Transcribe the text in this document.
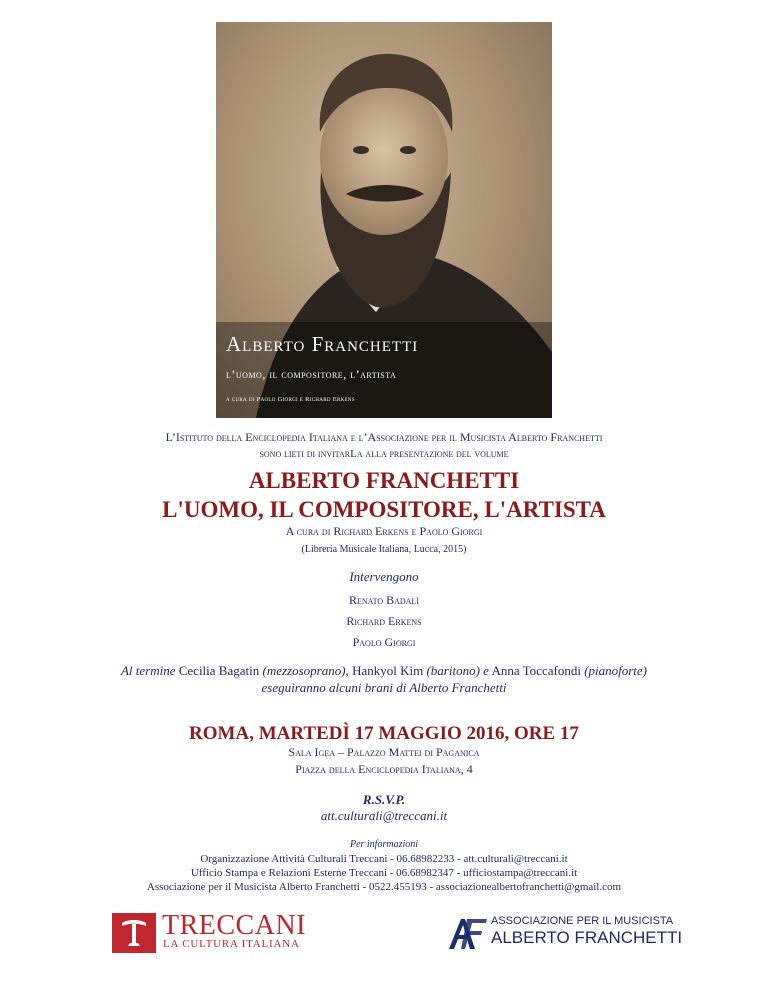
Alberto Franchetti
l’uomo, il compositore, l’artista
a cura di Paolo Giorgi e Richard Erkens
L’Istituto della Enciclopedia Italiana e l’Associazione per il Musicista Alberto Franchetti
sono lieti di invitarLa alla presentazione del volume
ALBERTO FRANCHETTI
L'UOMO, IL COMPOSITORE, L'ARTISTA
A cura di Richard Erkens e Paolo Giorgi
(Libreria Musicale Italiana, Lucca, 2015)
Intervengono
Renato Badalì
Richard Erkens
Paolo Giorgi
Al termine Cecilia Bagatin (mezzosoprano), Hankyol Kim (baritono) e Anna Toccafondi (pianoforte)
eseguiranno alcuni brani di Alberto Franchetti
ROMA, MARTEDÌ 17 MAGGIO 2016, ORE 17
Sala Igea – Palazzo Mattei di Paganica
Piazza della Enciclopedia Italiana, 4
R.S.V.P.
att.culturali@treccani.it
Per informazioni
Organizzazione Attività Culturali Treccani - 06.68982233 - att.culturali@treccani.it
Ufficio Stampa e Relazioni Esterne Treccani - 06.68982347 - ufficiostampa@treccani.it
Associazione per il Musicista Alberto Franchetti - 0522.455193 - associazionealbertofranchetti@gmail.com
TRECCANI
LA CULTURA ITALIANA
ASSOCIAZIONE PER IL MUSICISTA
ALBERTO FRANCHETTI
